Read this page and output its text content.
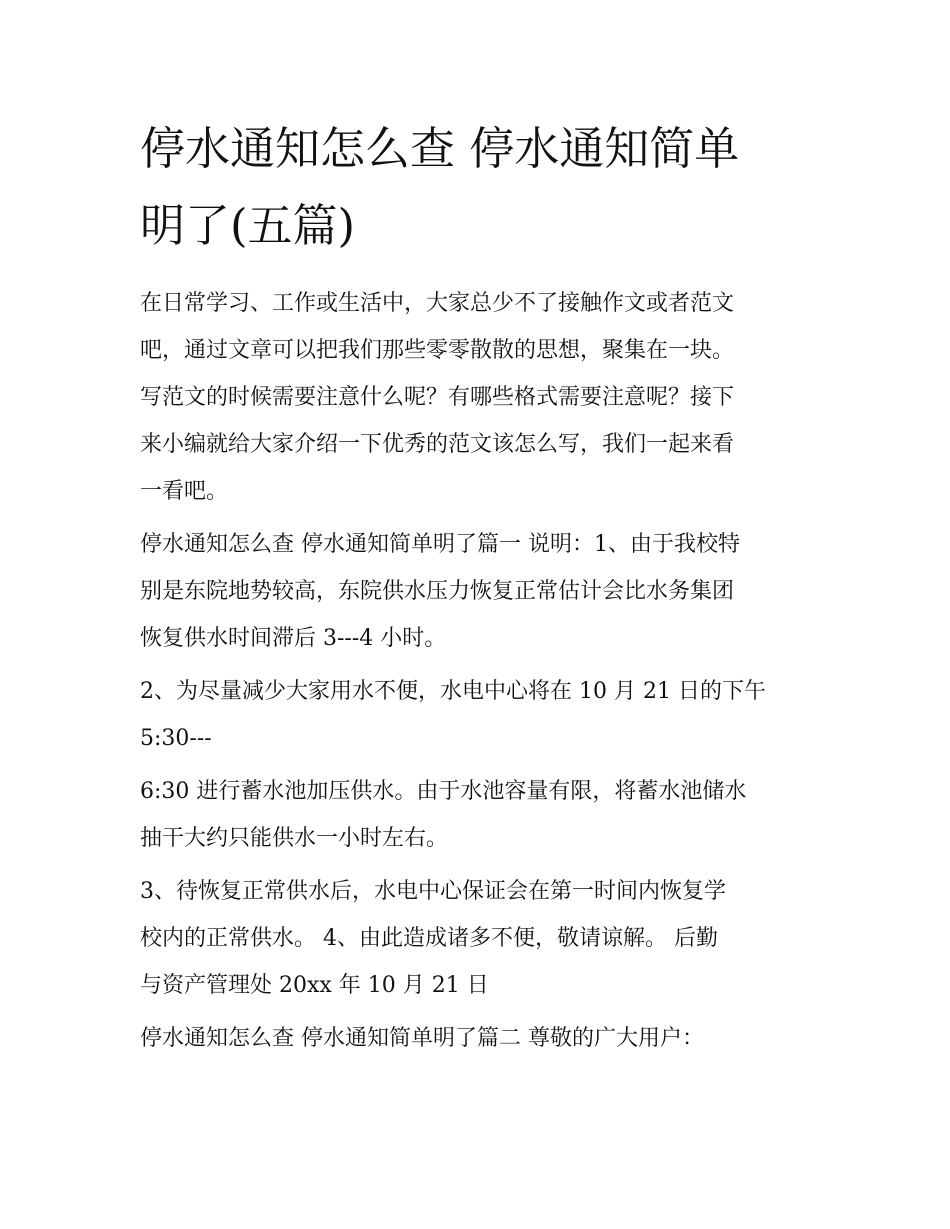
停水通知怎么查 停水通知简单
明了(五篇)

在日常学习、工作或生活中，大家总少不了接触作文或者范文
吧，通过文章可以把我们那些零零散散的思想，聚集在一块。
写范文的时候需要注意什么呢？有哪些格式需要注意呢？接下
来小编就给大家介绍一下优秀的范文该怎么写，我们一起来看
一看吧。

停水通知怎么查 停水通知简单明了篇一 说明：1、由于我校特
别是东院地势较高，东院供水压力恢复正常估计会比水务集团
恢复供水时间滞后 3---4 小时。

2、为尽量减少大家用水不便，水电中心将在 10 月 21 日的下午
5:30---

6:30 进行蓄水池加压供水。由于水池容量有限，将蓄水池储水
抽干大约只能供水一小时左右。

3、待恢复正常供水后，水电中心保证会在第一时间内恢复学
校内的正常供水。 4、由此造成诸多不便，敬请谅解。 后勤
与资产管理处 20xx 年 10 月 21 日

停水通知怎么查 停水通知简单明了篇二 尊敬的广大用户：
